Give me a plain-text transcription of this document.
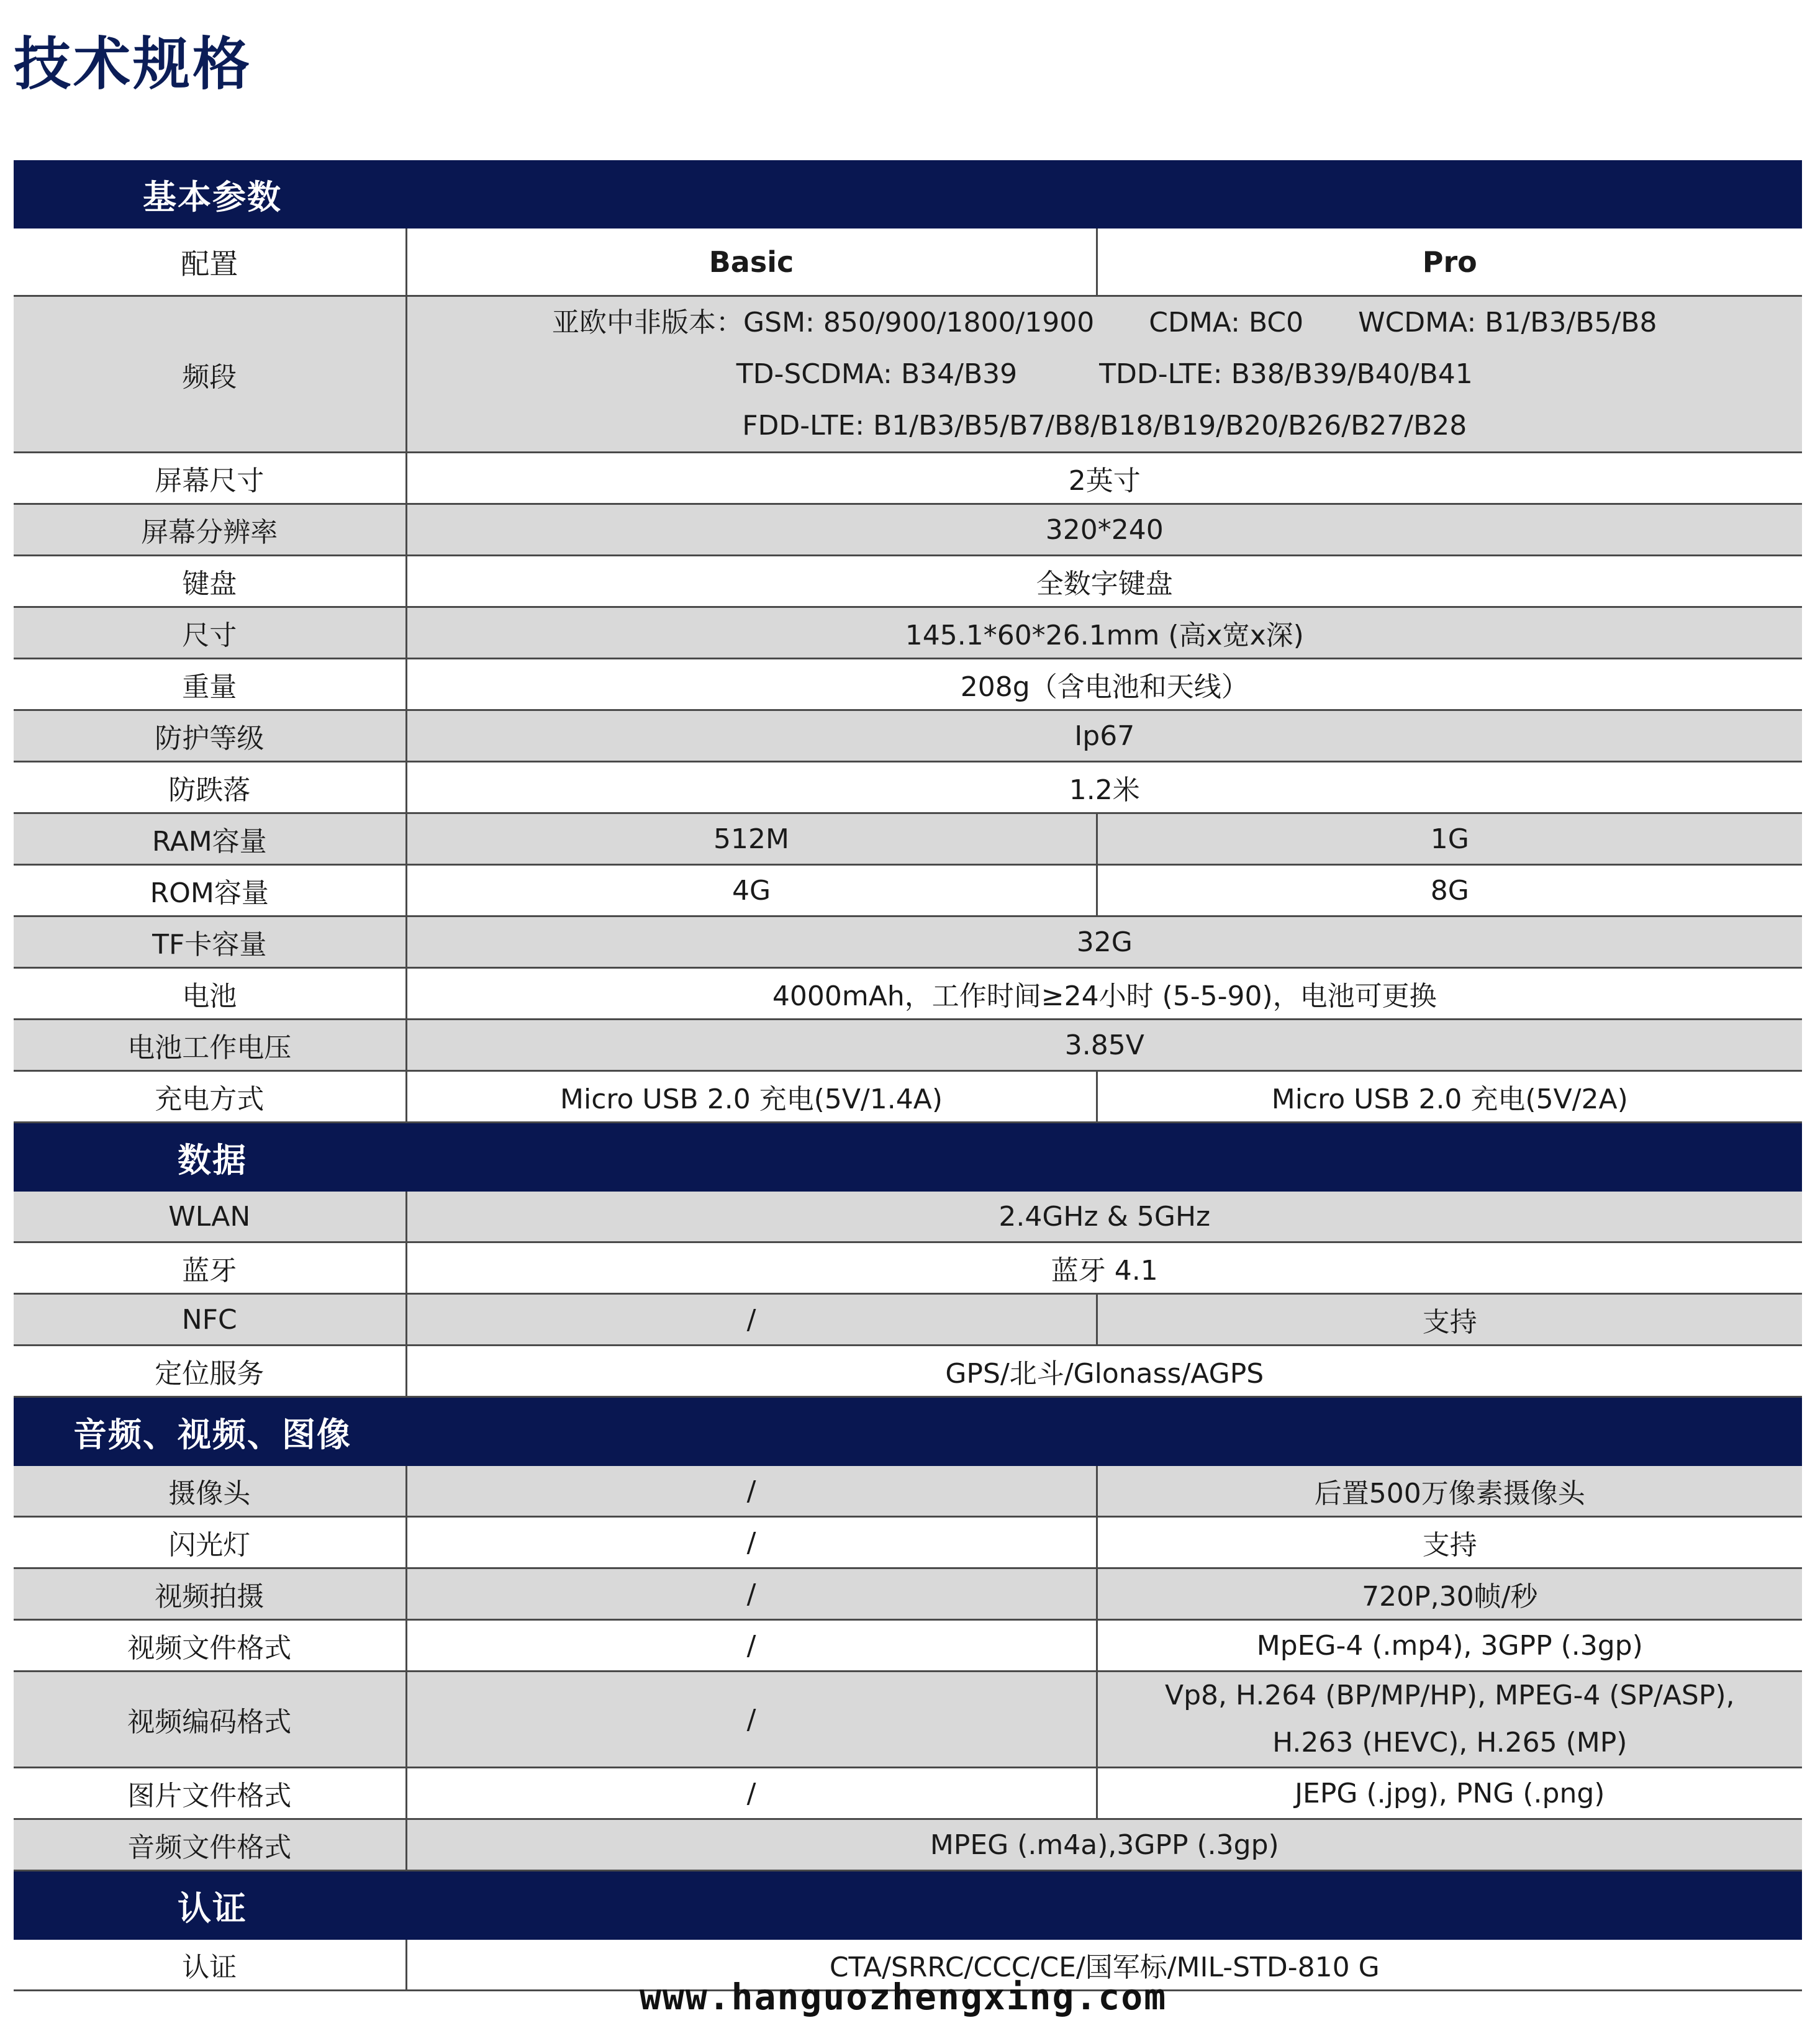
技术规格
基本参数		
配置	Basic	Pro
频段	亚欧中非版本：GSM: 850/900/1800/1900　　CDMA: BC0　　WCDMA: B1/B3/B5/B8
TD-SCDMA: B34/B39　　　TDD-LTE: B38/B39/B40/B41
FDD-LTE: B1/B3/B5/B7/B8/B18/B19/B20/B26/B27/B28	

屏幕尺寸	2英寸	
屏幕分辨率	320*240	
键盘	全数字键盘	
尺寸	145.1*60*26.1mm (高x宽x深)	
重量	208g（含电池和天线）	
防护等级	Ip67	
防跌落	1.2米	
RAM容量	512M	1G
ROM容量	4G	8G
TF卡容量	32G	
电池	4000mAh，工作时间≥24小时 (5-5-90)，电池可更换	
电池工作电压	3.85V	
充电方式	Micro USB 2.0 充电(5V/1.4A)	Micro USB 2.0 充电(5V/2A)
数据		
WLAN	2.4GHz & 5GHz	
蓝牙	蓝牙 4.1	
NFC	/	支持
定位服务	GPS/北斗/Glonass/AGPS	
音频、视频、图像		
摄像头	/	后置500万像素摄像头
闪光灯	/	支持
视频拍摄	/	720P,30帧/秒
视频文件格式	/	MpEG-4 (.mp4), 3GPP (.3gp)
视频编码格式	/	Vp8, H.264 (BP/MP/HP), MPEG-4 (SP/ASP),
H.263 (HEVC), H.265 (MP)

图片文件格式	/	JEPG (.jpg), PNG (.png)
音频文件格式	MPEG (.m4a),3GPP (.3gp)	
认证		
认证	CTA/SRRC/CCC/CE/国军标/MIL-STD-810 G	
www.hanguozhengxing.com
